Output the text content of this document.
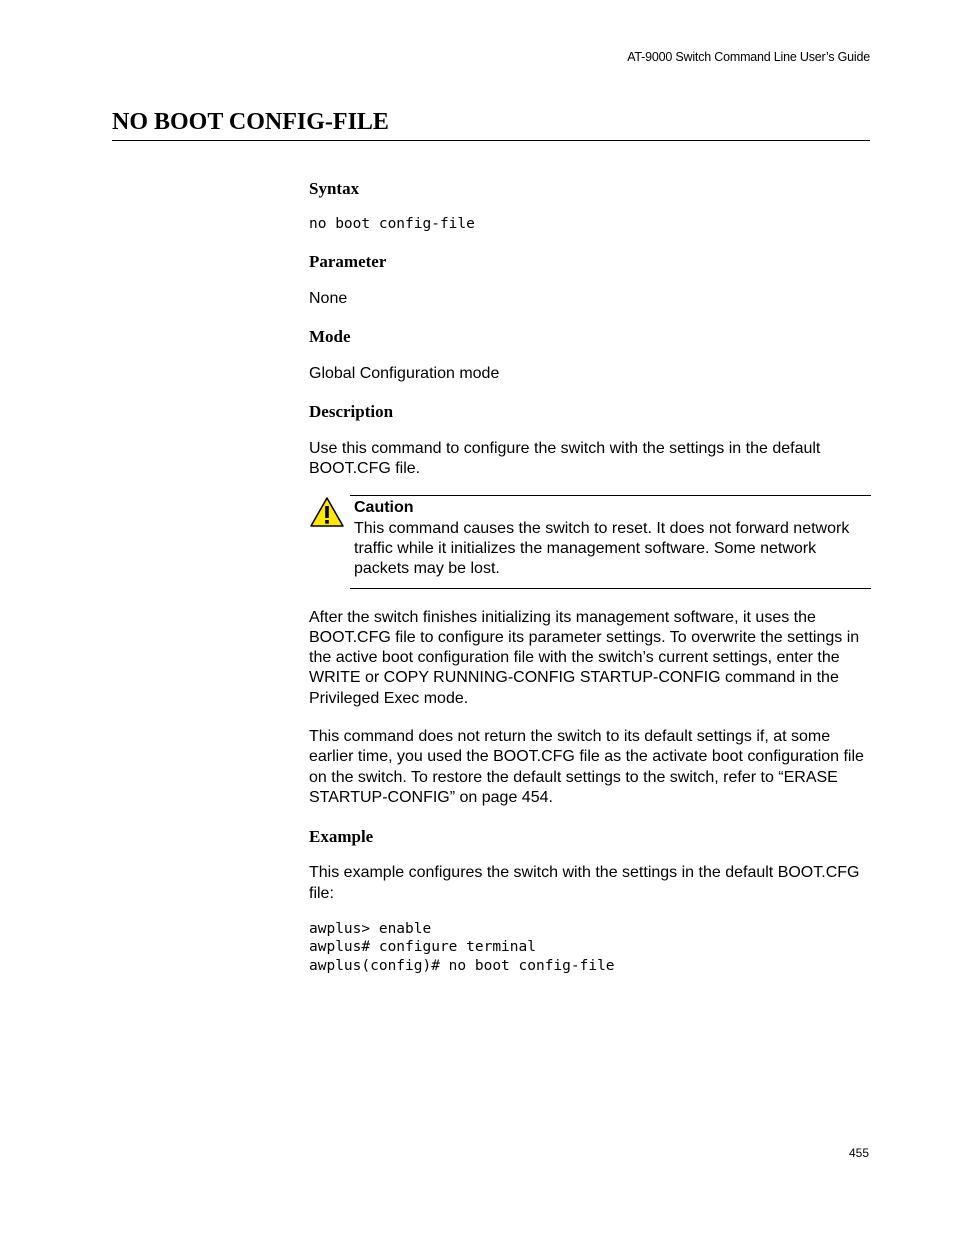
AT-9000 Switch Command Line User’s Guide
NO BOOT CONFIG-FILE
Syntax
no boot config-file
Parameter

None

Mode

Global Configuration mode

Description

Use this command to configure the switch with the settings in the default BOOT.CFG file.

Caution

This command causes the switch to reset. It does not forward network traffic while it initializes the management software. Some network packets may be lost.

After the switch finishes initializing its management software, it uses the BOOT.CFG file to configure its parameter settings. To overwrite the settings in the active boot configuration file with the switch’s current settings, enter the WRITE or COPY RUNNING-CONFIG STARTUP-CONFIG command in the Privileged Exec mode.

This command does not return the switch to its default settings if, at some earlier time, you used the BOOT.CFG file as the activate boot configuration file on the switch. To restore the default settings to the switch, refer to “ERASE STARTUP-CONFIG” on page 454.

Example

This example configures the switch with the settings in the default BOOT.CFG file:

awplus> enable
awplus# configure terminal
awplus(config)# no boot config-file
455
